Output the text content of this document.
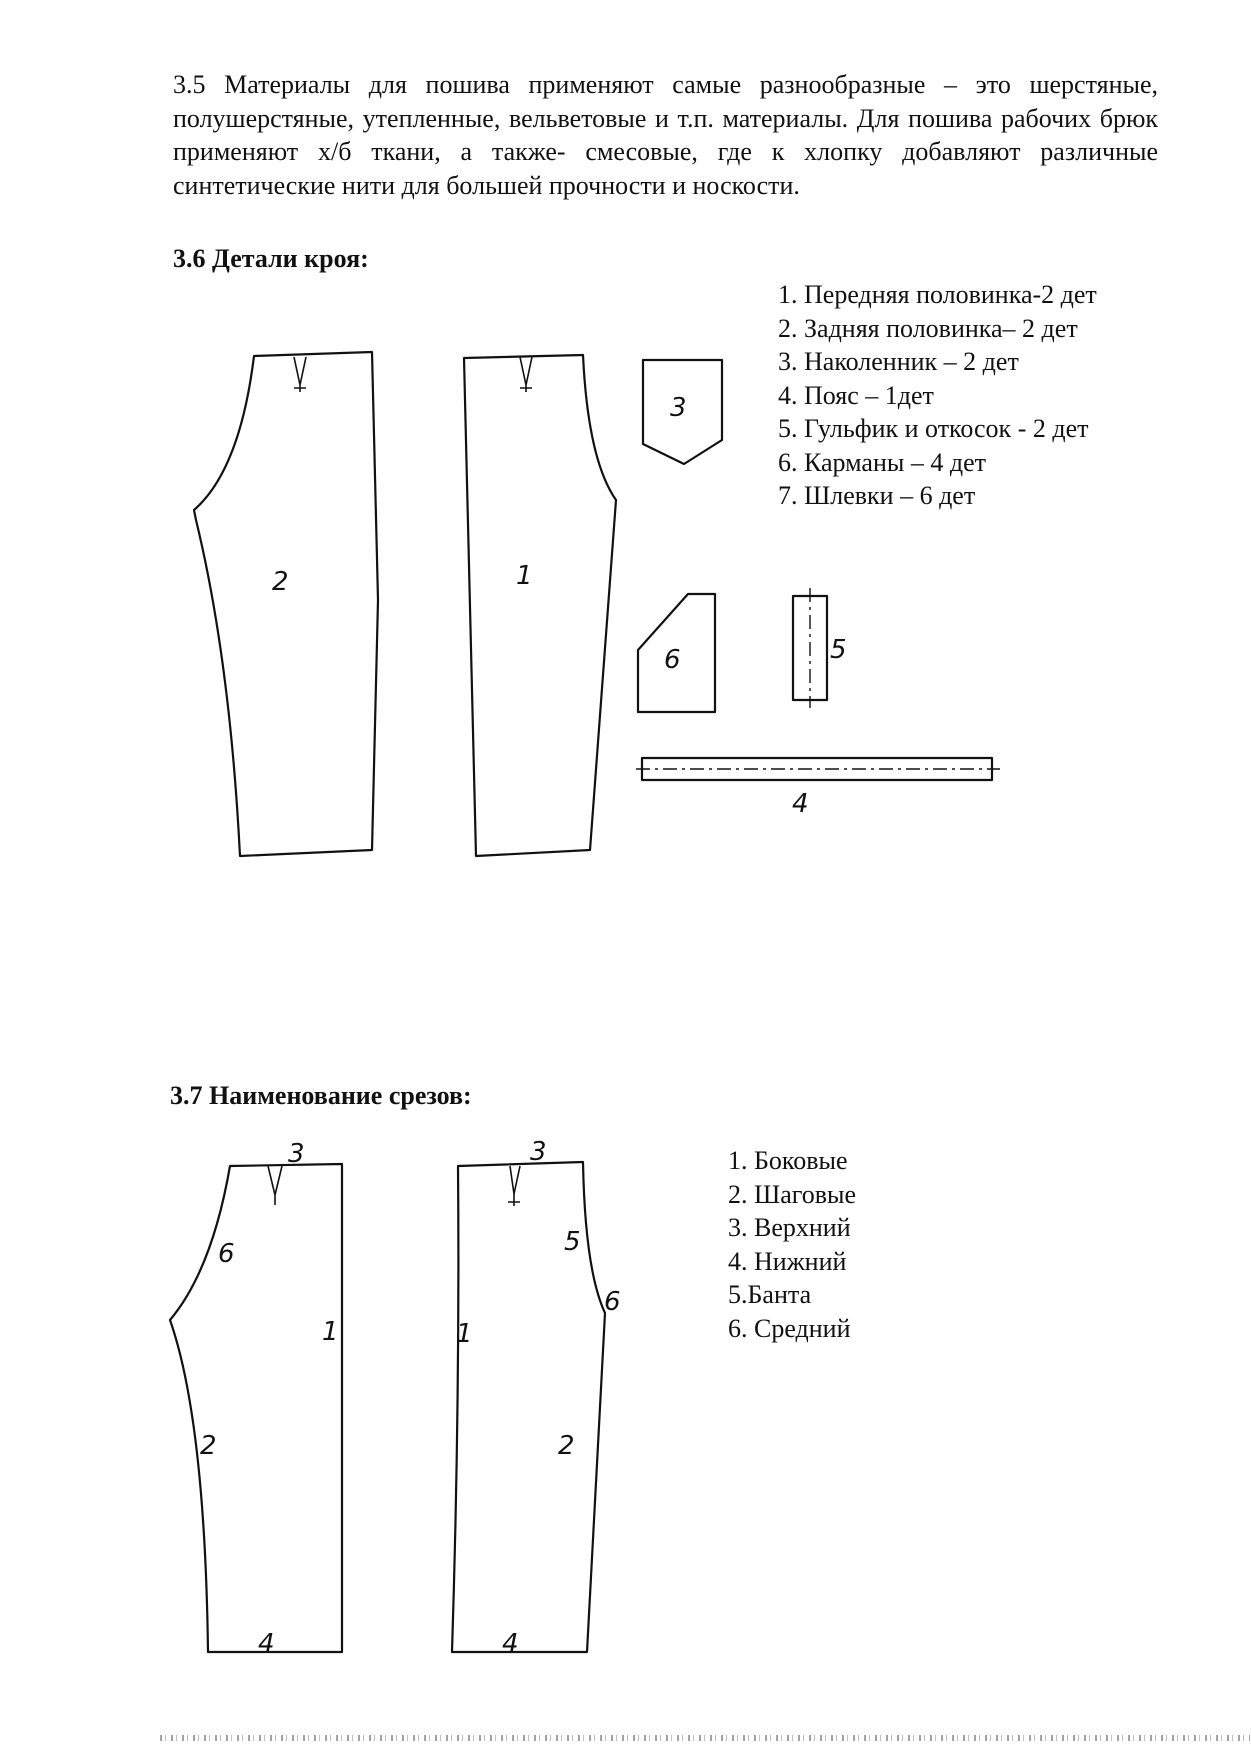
3.5 Материалы для пошива применяют самые разнообразные – это шерстяные, полушерстяные, утепленные, вельветовые и т.п. материалы. Для пошива рабочих брюк применяют х/б ткани, а также- смесовые, где к хлопку добавляют различные синтетические нити для большей прочности и носкости.

3.6 Детали кроя:
1. Передняя половинка-2 дет
2. Задняя половинка– 2 дет
3. Наколенник – 2 дет
4. Пояс – 1дет
5. Гульфик и откосок - 2 дет
6. Карманы – 4 дет
7. Шлевки – 6 дет
3.7 Наименование срезов:
1. Боковые
2. Шаговые
3. Верхний
4. Нижний
5.Банта
6. Средний
2	1
3
6	5
4
3
6
1
2
4
3
5
6
1
2
4
